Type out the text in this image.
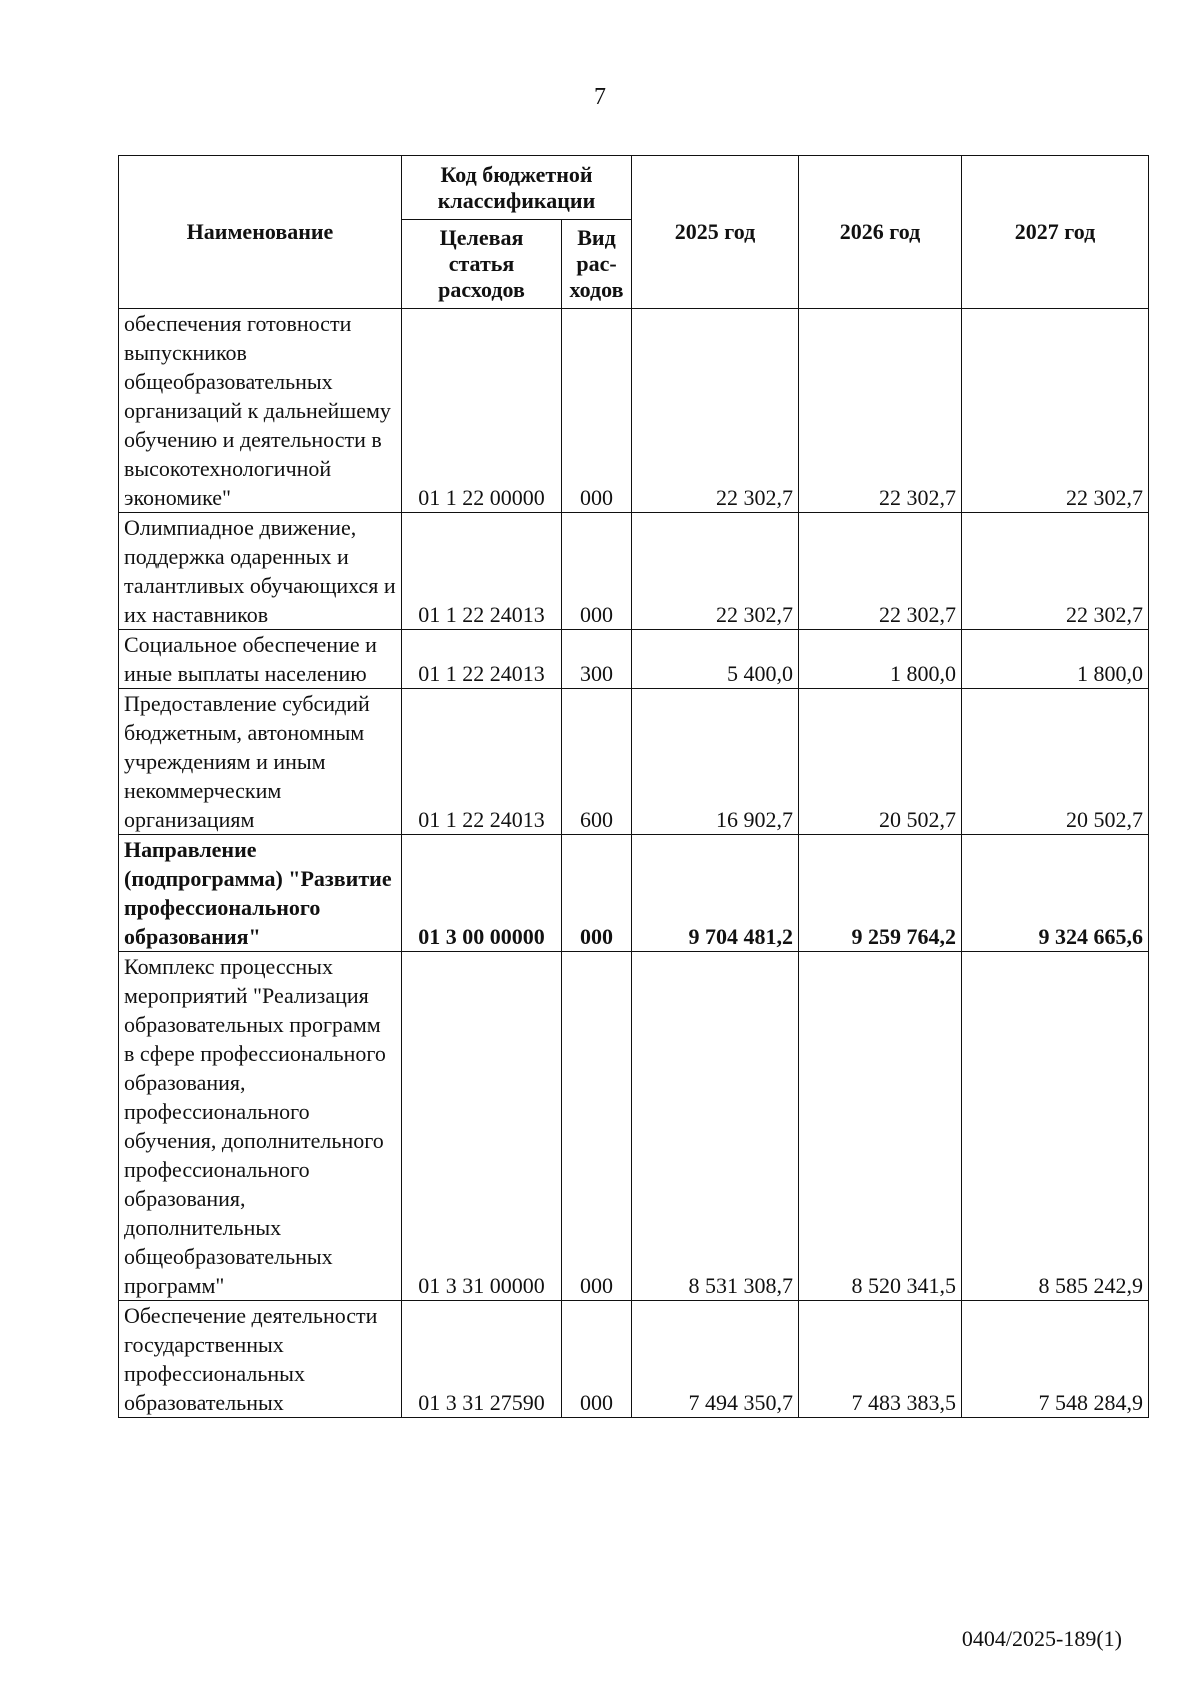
7
Наименование	Код бюджетной классификации		2025 год	2026 год	2027 год
	Целевая статья расходов	Вид рас-ходов			
обеспечения готовности выпускников общеобразовательных организаций к дальнейшему обучению и деятельности в высокотехнологичной экономике"	01 1 22 00000	000	22 302,7	22 302,7	22 302,7
Олимпиадное движение, поддержка одаренных и талантливых обучающихся и их наставников	01 1 22 24013	000	22 302,7	22 302,7	22 302,7
Социальное обеспечение и иные выплаты населению	01 1 22 24013	300	5 400,0	1 800,0	1 800,0
Предоставление субсидий бюджетным, автономным учреждениям и иным некоммерческим организациям	01 1 22 24013	600	16 902,7	20 502,7	20 502,7
Направление (подпрограмма) "Развитие профессионального образования"	01 3 00 00000	000	9 704 481,2	9 259 764,2	9 324 665,6
Комплекс процессных мероприятий "Реализация образовательных программ в сфере профессионального образования, профессионального обучения, дополнительного профессионального образования, дополнительных общеобразовательных программ"	01 3 31 00000	000	8 531 308,7	8 520 341,5	8 585 242,9
Обеспечение деятельности государственных профессиональных образовательных	01 3 31 27590	000	7 494 350,7	7 483 383,5	7 548 284,9
0404/2025-189(1)
